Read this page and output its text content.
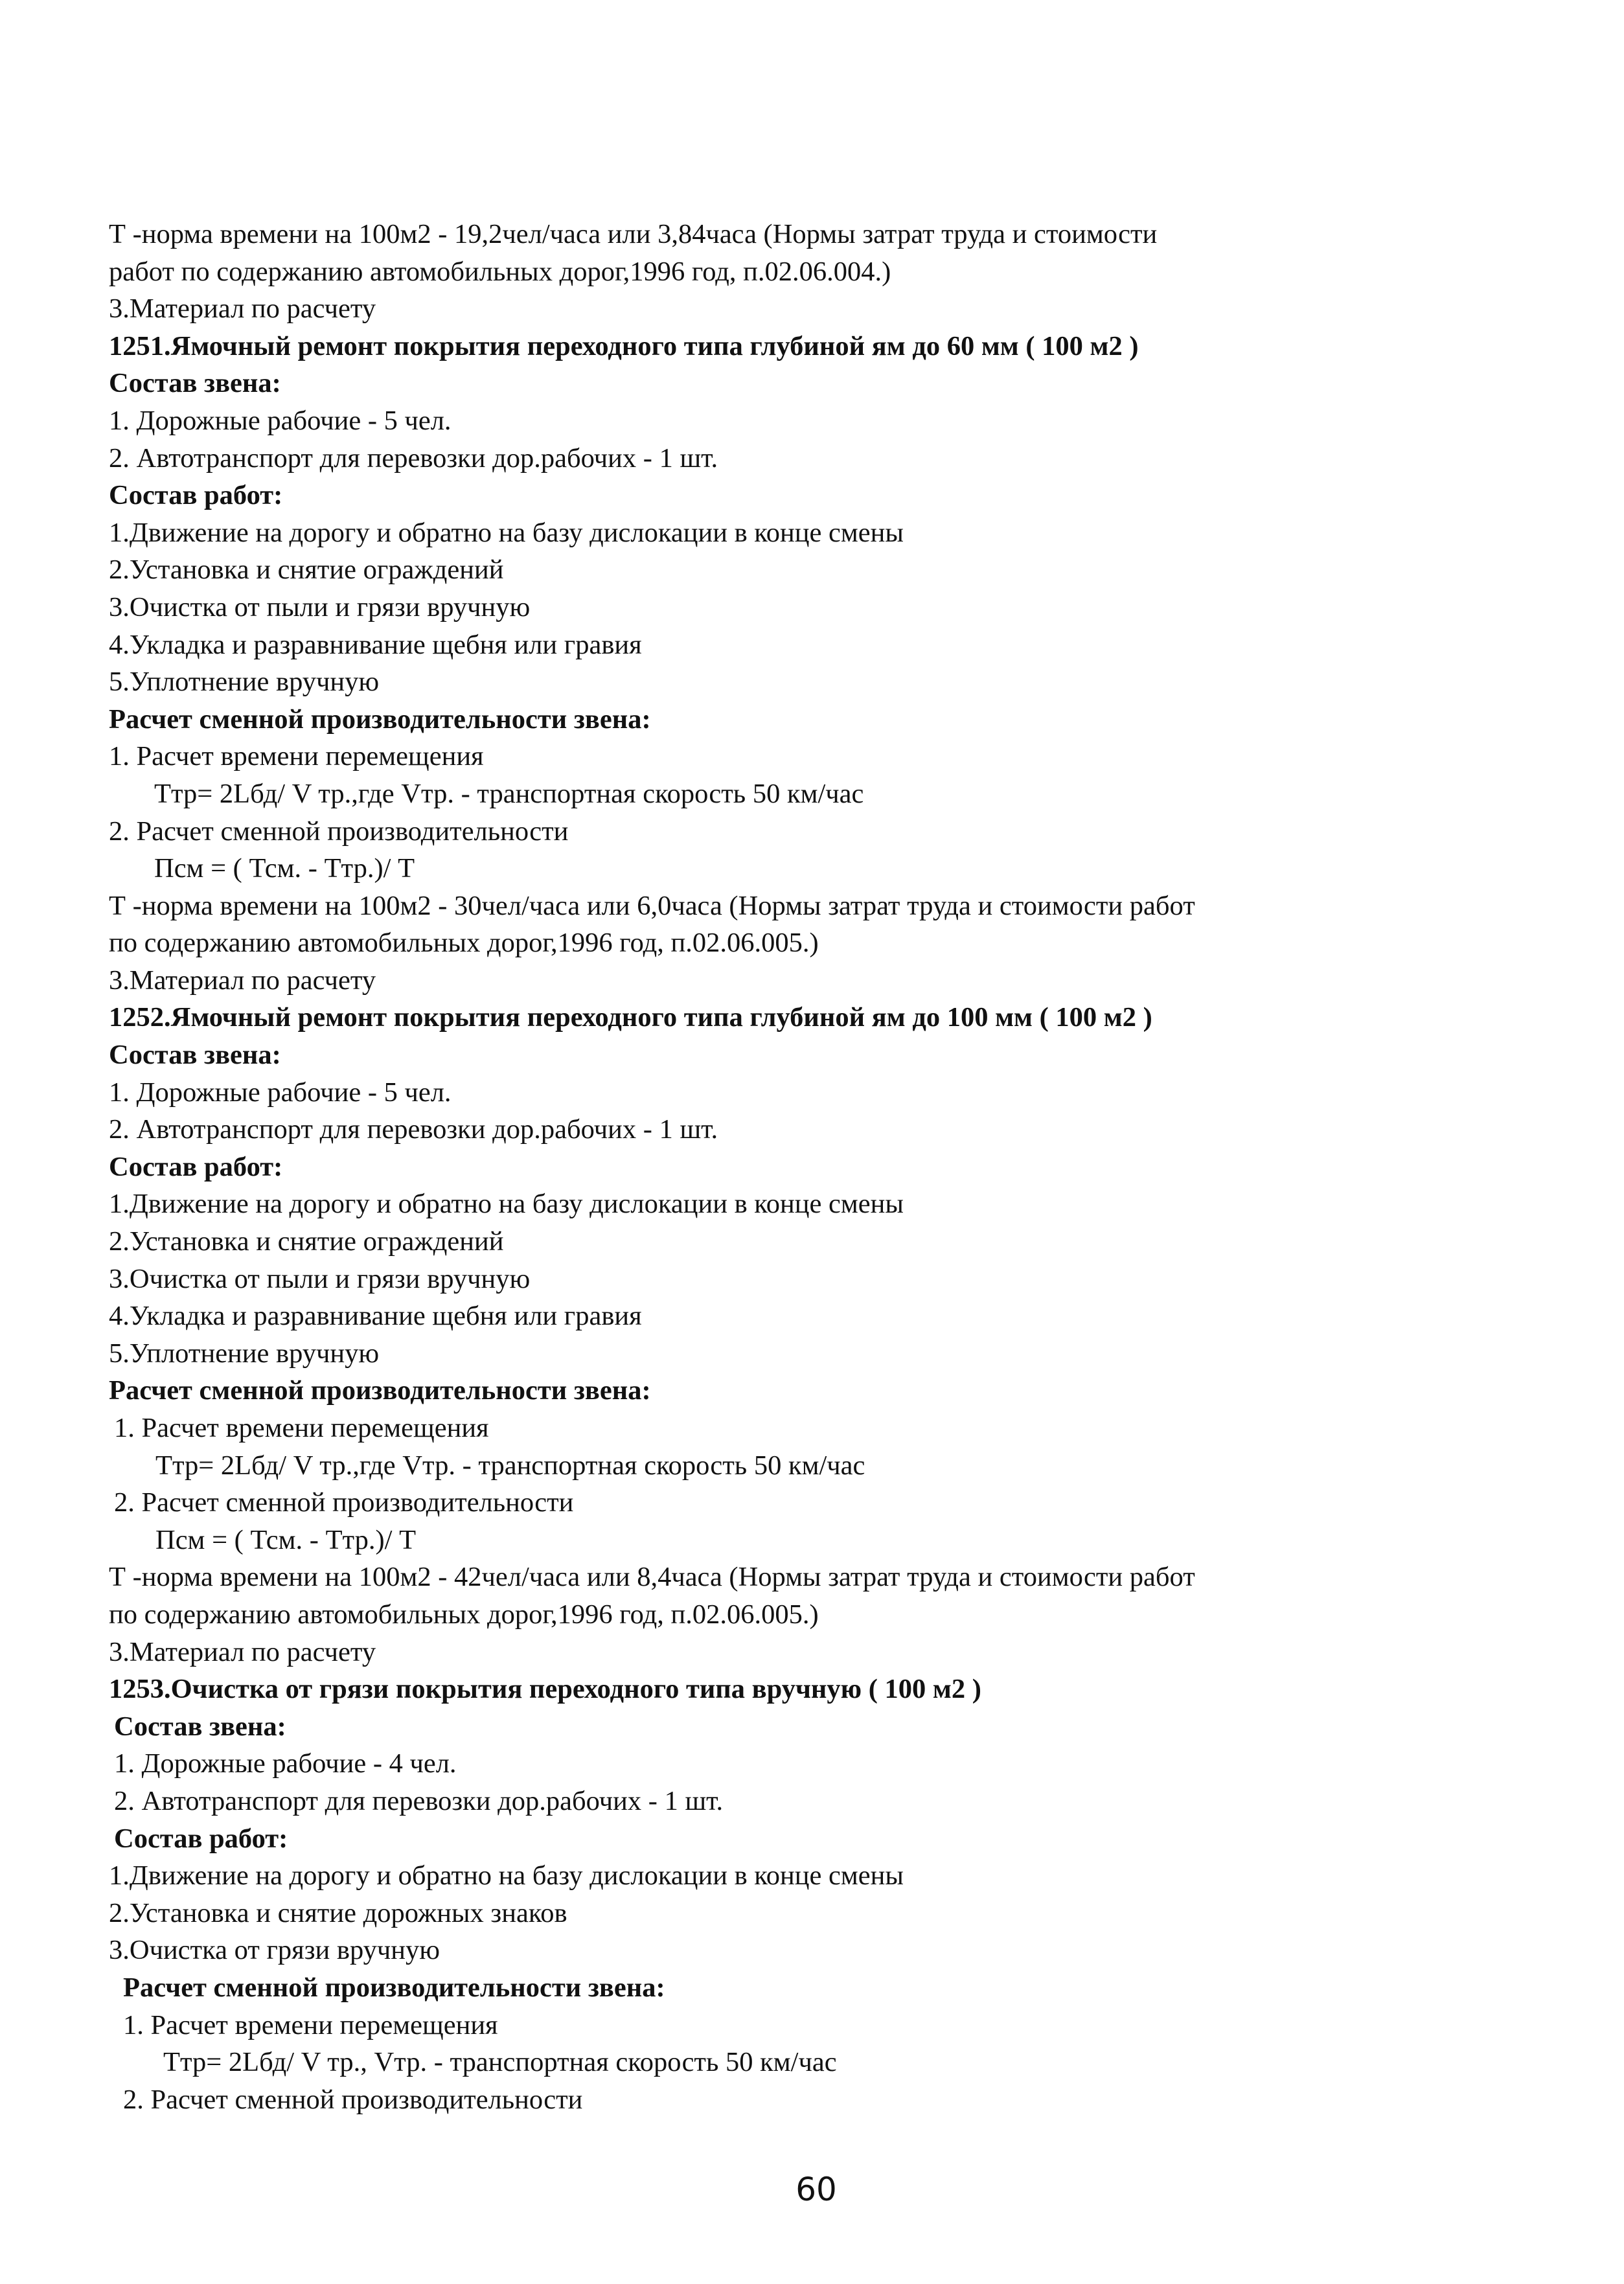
Т -норма времени на 100м2 - 19,2чел/часа или 3,84часа (Нормы затрат труда и стоимости
работ по содержанию автомобильных дорог,1996 год, п.02.06.004.)
3.Материал по расчету
1251.Ямочный ремонт покрытия переходного типа глубиной ям до 60 мм ( 100 м2 )
Состав звена:
1. Дорожные рабочие - 5 чел.
2. Автотранспорт для перевозки дор.рабочих - 1 шт.
Состав работ:
1.Движение на дорогу и обратно на базу дислокации в конце смены
2.Установка и снятие ограждений
3.Очистка от пыли и грязи вручную
4.Укладка и разравнивание щебня или гравия
5.Уплотнение вручную
Расчет сменной производительности звена:
1. Расчет времени перемещения
Ттр= 2Lбд/ V тр.,где Vтр. - транспортная скорость 50 км/час
2. Расчет сменной производительности
Псм = ( Тсм. - Ттр.)/ Т
Т -норма времени на 100м2 - 30чел/часа или 6,0часа (Нормы затрат труда и стоимости работ
по содержанию автомобильных дорог,1996 год, п.02.06.005.)
3.Материал по расчету
1252.Ямочный ремонт покрытия переходного типа глубиной ям до 100 мм ( 100 м2 )
Состав звена:
1. Дорожные рабочие - 5 чел.
2. Автотранспорт для перевозки дор.рабочих - 1 шт.
Состав работ:
1.Движение на дорогу и обратно на базу дислокации в конце смены
2.Установка и снятие ограждений
3.Очистка от пыли и грязи вручную
4.Укладка и разравнивание щебня или гравия
5.Уплотнение вручную
Расчет сменной производительности звена:
1. Расчет времени перемещения
Ттр= 2Lбд/ V тр.,где Vтр. - транспортная скорость 50 км/час
2. Расчет сменной производительности
Псм = ( Тсм. - Ттр.)/ Т
Т -норма времени на 100м2 - 42чел/часа или 8,4часа (Нормы затрат труда и стоимости работ
по содержанию автомобильных дорог,1996 год, п.02.06.005.)
3.Материал по расчету
1253.Очистка от грязи покрытия переходного типа вручную ( 100 м2 )
Состав звена:
1. Дорожные рабочие - 4 чел.
2. Автотранспорт для перевозки дор.рабочих - 1 шт.
Состав работ:
1.Движение на дорогу и обратно на базу дислокации в конце смены
2.Установка и снятие дорожных знаков
3.Очистка от грязи вручную
Расчет сменной производительности звена:
1. Расчет времени перемещения
Ттр= 2Lбд/ V тр., Vтр. - транспортная скорость 50 км/час
2. Расчет сменной производительности
60
